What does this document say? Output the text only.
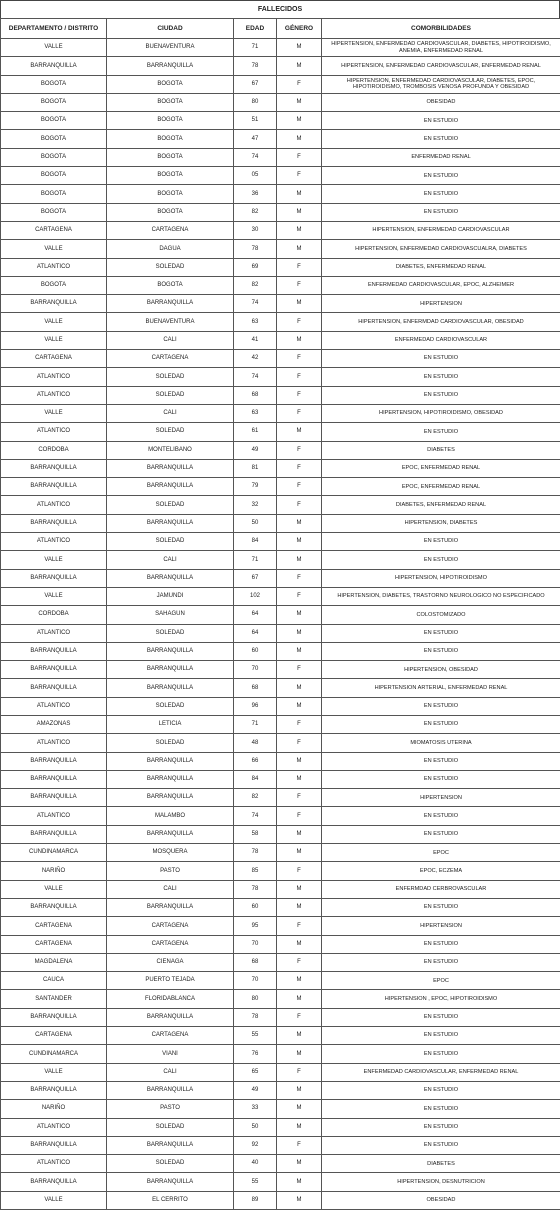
FALLECIDOS
DEPARTAMENTO / DISTRITO	CIUDAD	EDAD	GÉNERO	COMORBILIDADES
VALLE	BUENAVENTURA	71	M	HIPERTENSION, ENFERMEDAD CARDIOVASCULAR, DIABETES, HIPOTIROIDISMO, ANEMIA, ENFERMEDAD RENAL
BARRANQUILLA	BARRANQUILLA	78	M	HIPERTENSION, ENFERMEDAD CARDIOVASCULAR, ENFERMEDAD RENAL
BOGOTA	BOGOTA	67	F	HIPERTENSION, ENFERMEDAD CARDIOVASCULAR, DIABETES, EPOC, HIPOTIROIDISMO, TROMBOSIS VENOSA PROFUNDA Y OBESIDAD
BOGOTA	BOGOTA	80	M	OBESIDAD
BOGOTA	BOGOTA	51	M	EN ESTUDIO
BOGOTA	BOGOTA	47	M	EN ESTUDIO
BOGOTA	BOGOTA	74	F	ENFERMEDAD RENAL
BOGOTA	BOGOTA	05	F	EN ESTUDIO
BOGOTA	BOGOTA	36	M	EN ESTUDIO
BOGOTA	BOGOTA	82	M	EN ESTUDIO
CARTAGENA	CARTAGENA	30	M	HIPERTENSION, ENFERMEDAD CARDIOVASCULAR
VALLE	DAGUA	78	M	HIPERTENSION, ENFERMEDAD CARDIOVASCUALRA, DIABETES
ATLANTICO	SOLEDAD	69	F	DIABETES, ENFERMEDAD RENAL
BOGOTA	BOGOTA	82	F	ENFERMEDAD CARDIOVASCULAR, EPOC, ALZHEIMER
BARRANQUILLA	BARRANQUILLA	74	M	HIPERTENSION
VALLE	BUENAVENTURA	63	F	HIPERTENSION, ENFERMDAD CARDIOVASCULAR, OBESIDAD
VALLE	CALI	41	M	ENFERMEDAD CARDIOVASCULAR
CARTAGENA	CARTAGENA	42	F	EN ESTUDIO
ATLANTICO	SOLEDAD	74	F	EN ESTUDIO
ATLANTICO	SOLEDAD	68	F	EN ESTUDIO
VALLE	CALI	63	F	HIPERTENSION, HIPOTIROIDISMO, OBESIDAD
ATLANTICO	SOLEDAD	61	M	EN ESTUDIO
CORDOBA	MONTELIBANO	49	F	DIABETES
BARRANQUILLA	BARRANQUILLA	81	F	EPOC, ENFERMEDAD RENAL
BARRANQUILLA	BARRANQUILLA	79	F	EPOC, ENFERMEDAD RENAL
ATLANTICO	SOLEDAD	32	F	DIABETES, ENFERMEDAD RENAL
BARRANQUILLA	BARRANQUILLA	50	M	HIPERTENSION, DIABETES
ATLANTICO	SOLEDAD	84	M	EN ESTUDIO
VALLE	CALI	71	M	EN ESTUDIO
BARRANQUILLA	BARRANQUILLA	67	F	HIPERTENSION, HIPOTIROIDISMO
VALLE	JAMUNDI	102	F	HIPERTENSION, DIABETES, TRASTORNO NEUROLOGICO NO ESPECIFICADO
CORDOBA	SAHAGUN	64	M	COLOSTOMIZADO
ATLANTICO	SOLEDAD	64	M	EN ESTUDIO
BARRANQUILLA	BARRANQUILLA	60	M	EN ESTUDIO
BARRANQUILLA	BARRANQUILLA	70	F	HIPERTENSION, OBESIDAD
BARRANQUILLA	BARRANQUILLA	68	M	HIPERTENSION ARTERIAL, ENFERMEDAD RENAL
ATLANTICO	SOLEDAD	96	M	EN ESTUDIO
AMAZONAS	LETICIA	71	F	EN ESTUDIO
ATLANTICO	SOLEDAD	48	F	MIOMATOSIS UTERINA
BARRANQUILLA	BARRANQUILLA	66	M	EN ESTUDIO
BARRANQUILLA	BARRANQUILLA	84	M	EN ESTUDIO
BARRANQUILLA	BARRANQUILLA	82	F	HIPERTENSION
ATLANTICO	MALAMBO	74	F	EN ESTUDIO
BARRANQUILLA	BARRANQUILLA	58	M	EN ESTUDIO
CUNDINAMARCA	MOSQUERA	78	M	EPOC
NARIÑO	PASTO	85	F	EPOC, ECZEMA
VALLE	CALI	78	M	ENFERMDAD CERBROVASCULAR
BARRANQUILLA	BARRANQUILLA	60	M	EN ESTUDIO
CARTAGENA	CARTAGENA	95	F	HIPERTENSION
CARTAGENA	CARTAGENA	70	M	EN ESTUDIO
MAGDALENA	CIENAGA	68	F	EN ESTUDIO
CAUCA	PUERTO TEJADA	70	M	EPOC
SANTANDER	FLORIDABLANCA	80	M	HIPERTENSION , EPOC, HIPOTIROIDISMO
BARRANQUILLA	BARRANQUILLA	78	F	EN ESTUDIO
CARTAGENA	CARTAGENA	55	M	EN ESTUDIO
CUNDINAMARCA	VIANI	76	M	EN ESTUDIO
VALLE	CALI	65	F	ENFERMEDAD CARDIOVASCULAR, ENFERMEDAD RENAL
BARRANQUILLA	BARRANQUILLA	49	M	EN ESTUDIO
NARIÑO	PASTO	33	M	EN ESTUDIO
ATLANTICO	SOLEDAD	50	M	EN ESTUDIO
BARRANQUILLA	BARRANQUILLA	92	F	EN ESTUDIO
ATLANTICO	SOLEDAD	40	M	DIABETES
BARRANQUILLA	BARRANQUILLA	55	M	HIPERTENSION, DESNUTRICION
VALLE	EL CERRITO	89	M	OBESIDAD
